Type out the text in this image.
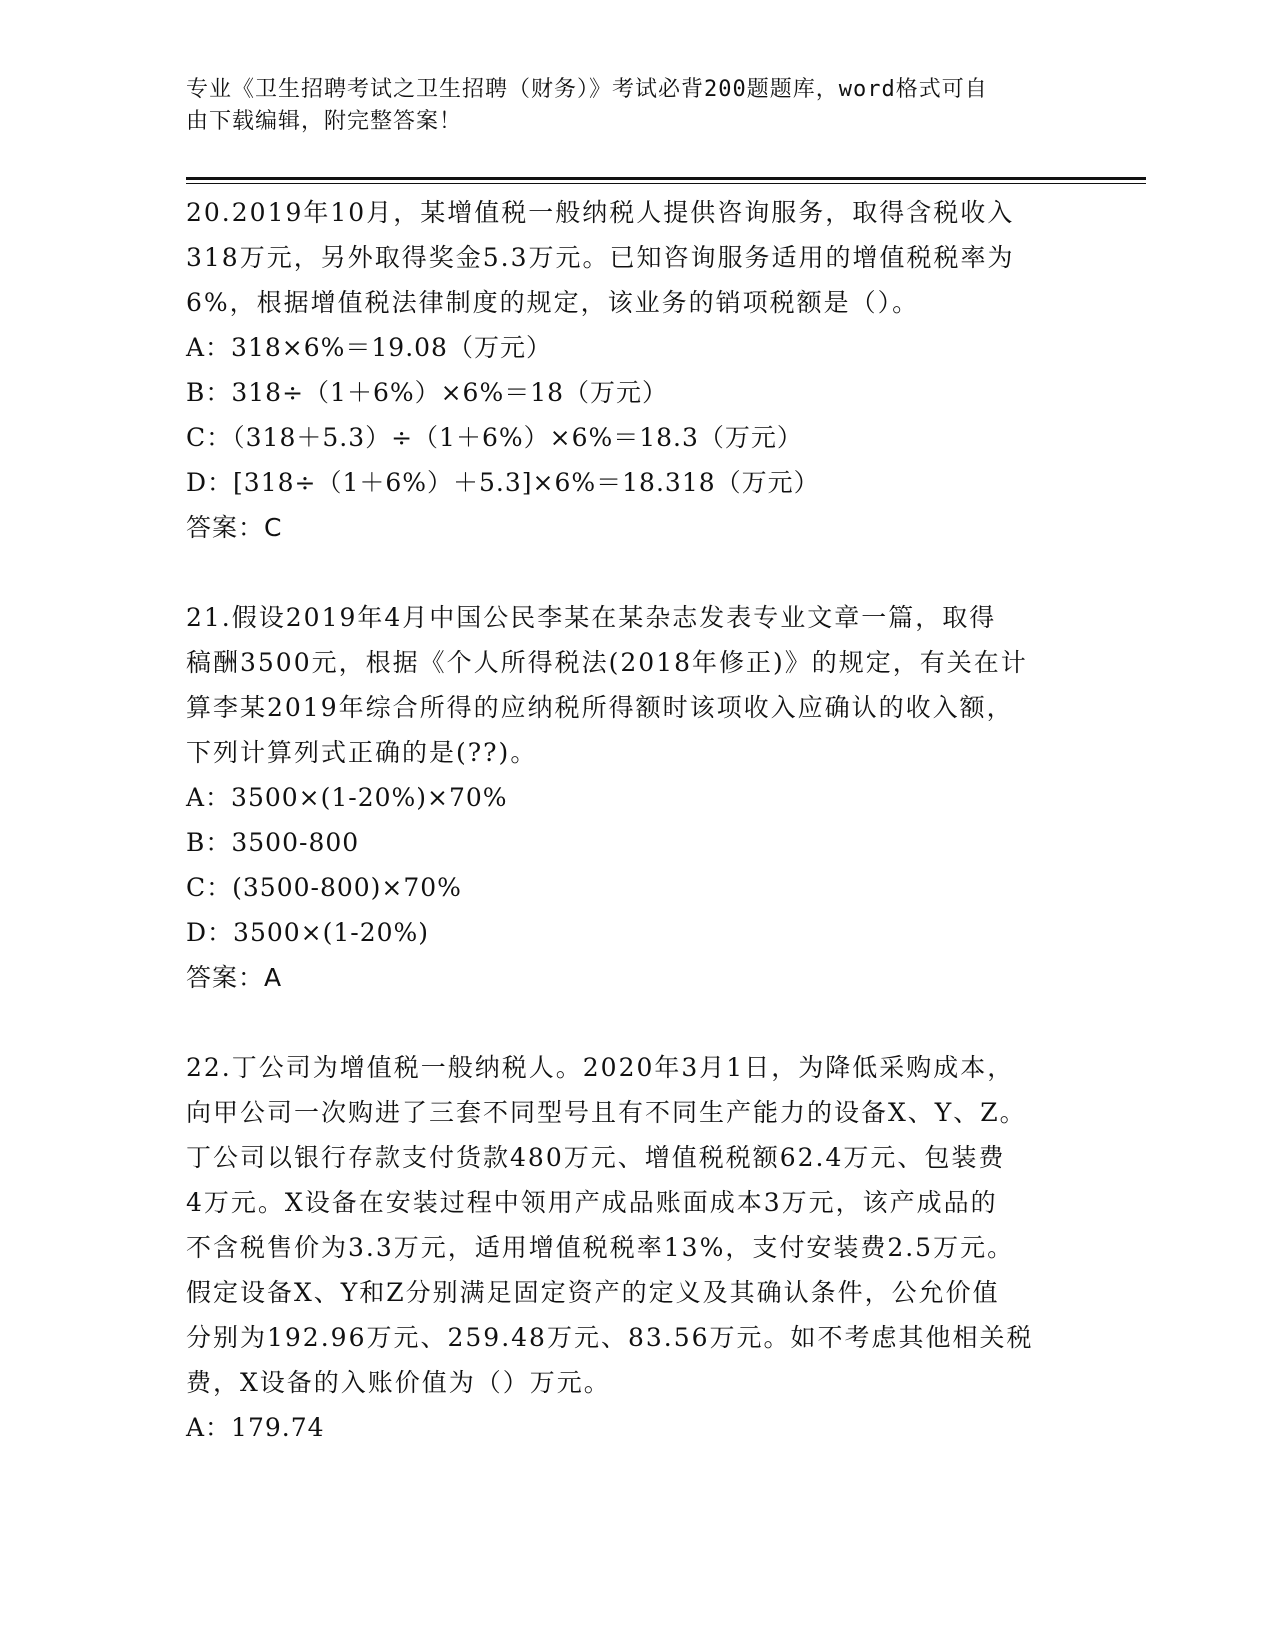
专业《卫生招聘考试之卫生招聘（财务）》考试必背200题题库，word格式可自
由下载编辑，附完整答案！
20.2019年10月，某增值税一般纳税人提供咨询服务，取得含税收入
318万元，另外取得奖金5.3万元。已知咨询服务适用的增值税税率为
6%，根据增值税法律制度的规定，该业务的销项税额是（）。
A：318×6%＝19.08（万元）
B：318÷（1＋6%）×6%＝18（万元）
C：（318＋5.3）÷（1＋6%）×6%＝18.3（万元）
D：[318÷（1＋6%）＋5.3]×6%＝18.318（万元）
答案：C
21.假设2019年4月中国公民李某在某杂志发表专业文章一篇，取得
稿酬3500元，根据《个人所得税法(2018年修正)》的规定，有关在计
算李某2019年综合所得的应纳税所得额时该项收入应确认的收入额，
下列计算列式正确的是(??)。
A：3500×(1-20%)×70%
B：3500-800
C：(3500-800)×70%
D：3500×(1-20%)
答案：A
22.丁公司为增值税一般纳税人。2020年3月1日，为降低采购成本，
向甲公司一次购进了三套不同型号且有不同生产能力的设备X、Y、Z。
丁公司以银行存款支付货款480万元、增值税税额62.4万元、包装费
4万元。X设备在安装过程中领用产成品账面成本3万元，该产成品的
不含税售价为3.3万元，适用增值税税率13%，支付安装费2.5万元。
假定设备X、Y和Z分别满足固定资产的定义及其确认条件，公允价值
分别为192.96万元、259.48万元、83.56万元。如不考虑其他相关税
费，X设备的入账价值为（）万元。
A：179.74
